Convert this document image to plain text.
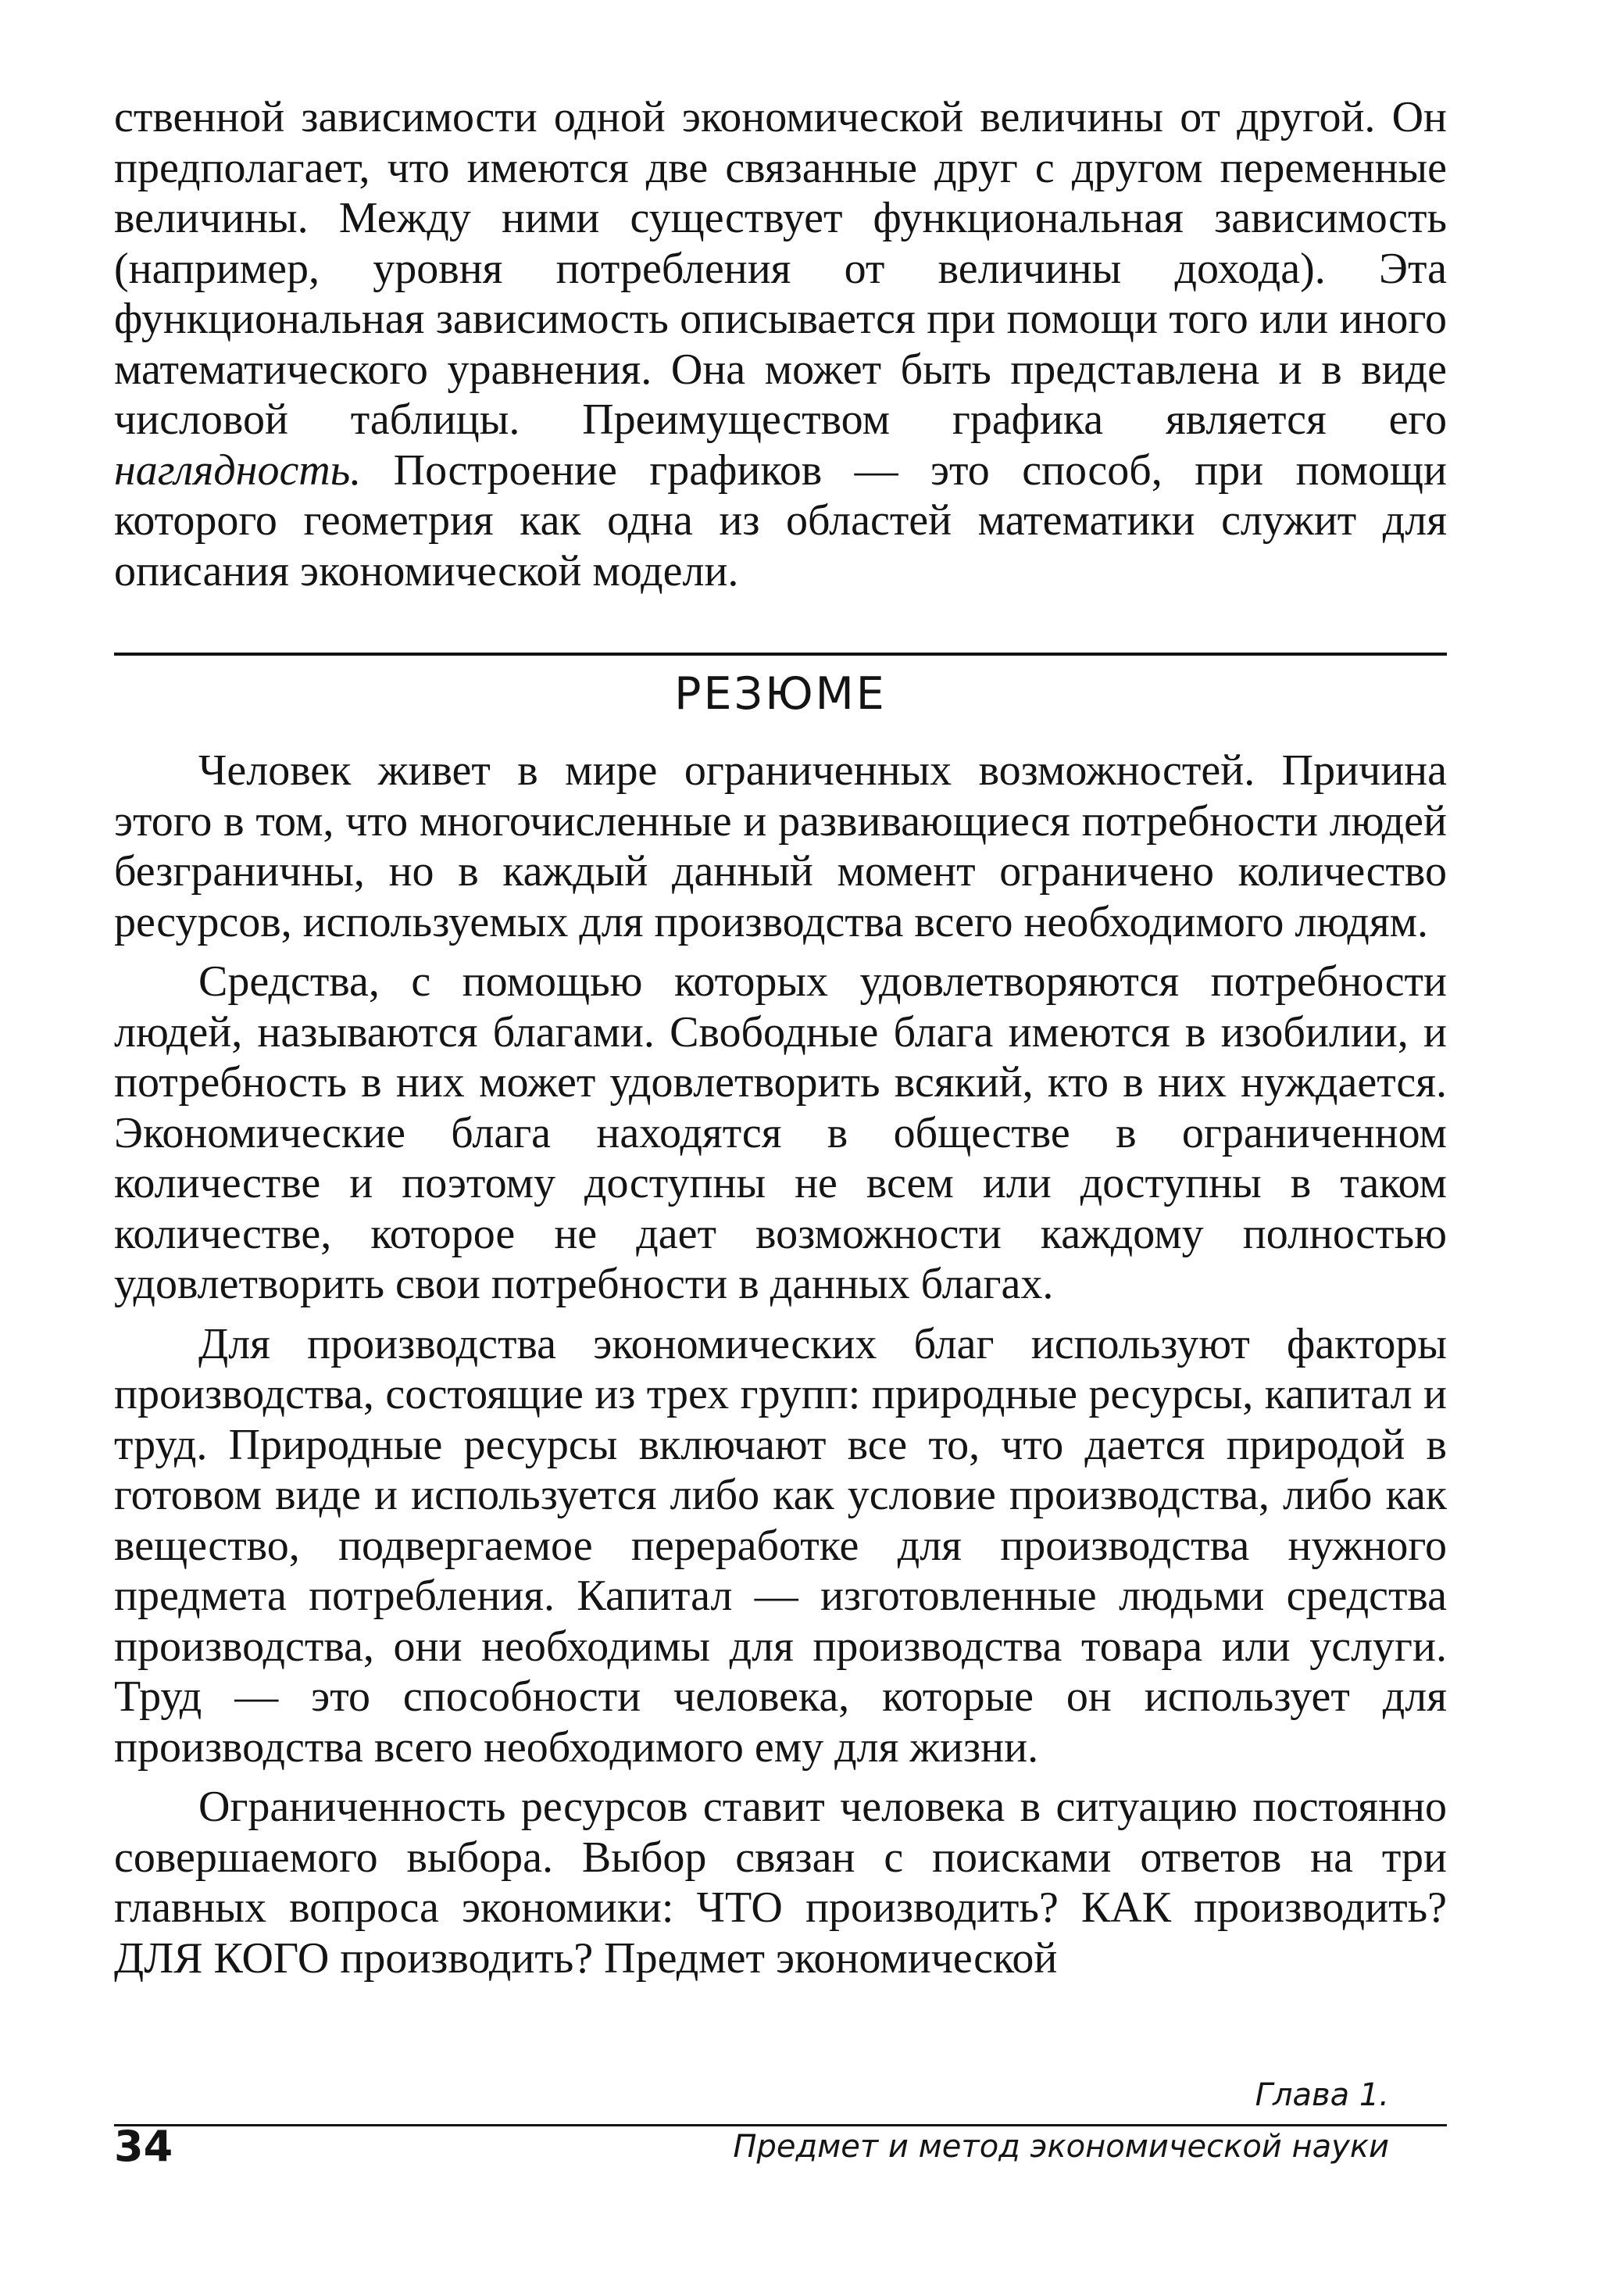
ственной зависимости одной экономической величины от другой. Он предполагает, что имеются две связанные друг с другом переменные величины. Между ними существует функциональная зависимость (например, уровня потребления от величины дохода). Эта функциональная зависимость описывается при помощи того или иного математического уравнения. Она может быть представлена и в виде числовой таблицы. Преимуществом графика является его наглядность. Построение графиков — это способ, при помощи которого геометрия как одна из областей математики служит для описания экономической модели.

РЕЗЮМЕ

Человек живет в мире ограниченных возможностей. Причина этого в том, что многочисленные и развивающиеся потребности людей безграничны, но в каждый данный момент ограничено количество ресурсов, используемых для производства всего необходимого людям.

Средства, с помощью которых удовлетворяются потребности людей, называются благами. Свободные блага имеются в изобилии, и потребность в них может удовлетворить всякий, кто в них нуждается. Экономические блага находятся в обществе в ограниченном количестве и поэтому доступны не всем или доступны в таком количестве, которое не дает возможности каждому полностью удовлетворить свои потребности в данных благах.

Для производства экономических благ используют факторы производства, состоящие из трех групп: природные ресурсы, капитал и труд. Природные ресурсы включают все то, что дается природой в готовом виде и используется либо как условие производства, либо как вещество, подвергаемое переработке для производства нужного предмета потребления. Капитал — изготовленные людьми средства производства, они необходимы для производства товара или услуги. Труд — это способности человека, которые он использует для производства всего необходимого ему для жизни.

Ограниченность ресурсов ставит человека в ситуацию постоянно совершаемого выбора. Выбор связан с поисками ответов на три главных вопроса экономики: ЧТО производить? КАК производить? ДЛЯ КОГО производить? Предмет экономической

Глава 1.
34	Предмет и метод экономической науки
